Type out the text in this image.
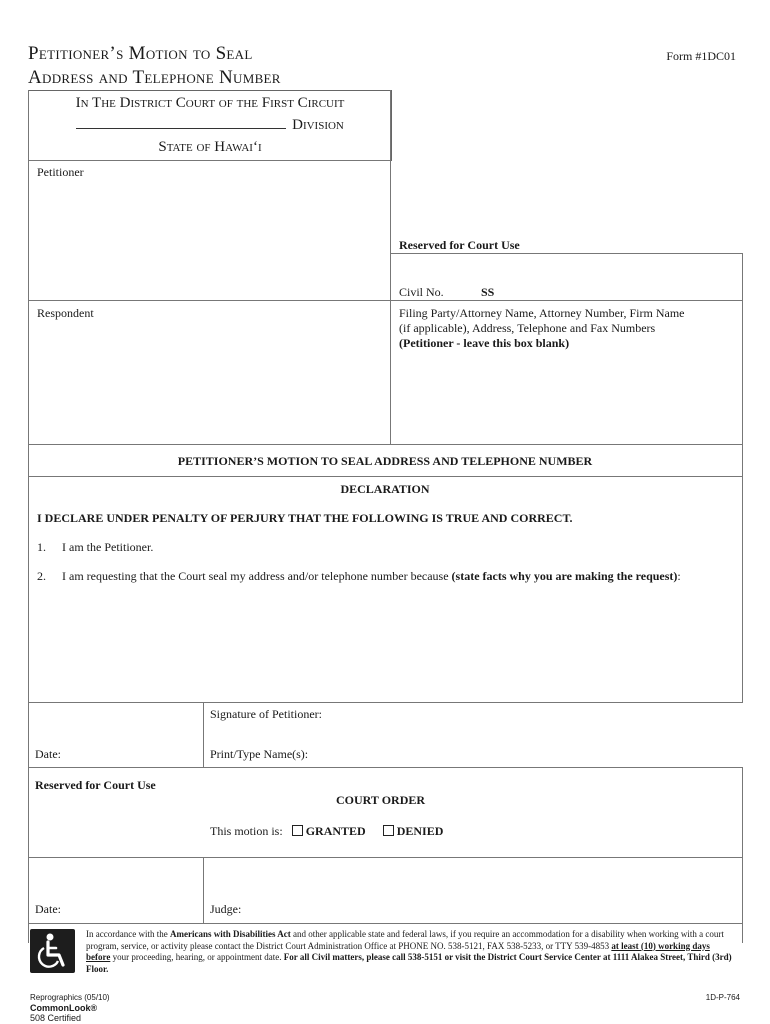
Petitioner’s Motion to Seal
Address and Telephone Number
Form #1DC01
In The District Court of the First Circuit
Division
State of Hawai‘i
Petitioner
Respondent
Reserved for Court Use
Civil No.	SS
Filing Party/Attorney Name, Attorney Number, Firm Name
(if applicable), Address, Telephone and Fax Numbers
(Petitioner - leave this box blank)
PETITIONER’S MOTION TO SEAL ADDRESS AND TELEPHONE NUMBER
DECLARATION
I DECLARE UNDER PENALTY OF PERJURY THAT THE FOLLOWING IS TRUE AND CORRECT.
1. I am the Petitioner.
2. I am requesting that the Court seal my address and/or telephone number because (state facts why you are making the request):
Signature of Petitioner:
Date:	Print/Type Name(s):
Reserved for Court Use
COURT ORDER
This motion is: GRANTED	DENIED
Date:	Judge:
In accordance with the Americans with Disabilities Act and other applicable state and federal laws, if you require an accommodation for a disability when working with a court program, service, or activity please contact the District Court Administration Office at PHONE NO. 538-5121, FAX 538-5233, or TTY 539-4853 at least (10) working days before your proceeding, hearing, or appointment date. For all Civil matters, please call 538-5151 or visit the District Court Service Center at 1111 Alakea Street, Third (3rd) Floor.
Reprographics (05/10)
CommonLook®
508 Certified
1D-P-764
